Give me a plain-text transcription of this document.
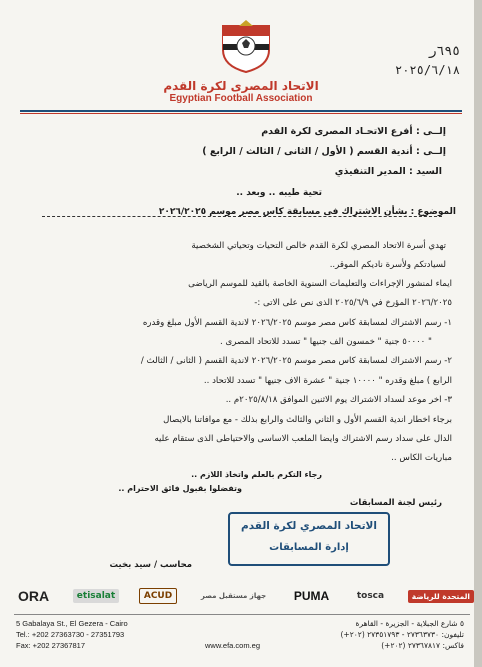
الاتحاد المصرى لكرة القدم
Egyptian Football Association
٦٩٥ر
٢٠٢٥/٦/١٨
إلــى : أفرع الاتحـاد المصرى لكرة القدم
إلــى : أندية القسم ( الأول / الثانى / الثالث / الرابع )
السيد : المدير التنفيذي
تحية طيبه .. وبعد ..
الموضوع : بشأن الاشتراك فى مسابقة كاس مصر موسم ٢٠٢٦/٢٠٢٥
تهدي أسرة الاتحاد المصري لكرة القدم خالص التحيات وتحياتي الشخصية
لسيادتكم ولأسرة ناديكم الموقر..
ايماء لمنشور الإجراءات والتعليمات السنوية الخاصة بالقيد للموسم الرياضى
٢٠٢٦/٢٠٢٥ المؤرخ في ٢٠٢٥/٦/٩ الذى نص على الاتى :-
١- رسم الاشتراك لمسابقة كاس مصر موسم ٢٠٢٦/٢٠٢٥ لاندية القسم الأول مبلغ وقدره
" ٥٠٠٠٠ جنية " خمسون الف جنيها " تسدد للاتحاد المصرى .
٢- رسم الاشتراك لمسابقة كاس مصر موسم ٢٠٢٦/٢٠٢٥ لاندية القسم ( الثانى / الثالث /
الرابع ) مبلغ وقدره " ١٠٠٠٠ جنية " عشرة الاف جنيها " تسدد للاتحاد ..
٣- اخر موعد لسداد الاشتراك يوم الاثنين الموافق ٢٠٢٥/٨/١٨م ..
برجاء اخطار اندية القسم الأول و الثاني والثالث والرابع بذلك - مع موافاتنا بالايصال
الدال على سداد رسم الاشتراك وايضا الملعب الاساسى والاحتياطى الذى ستقام عليه
مباريات الكاس ..
رجاء التكرم بالعلم واتخاذ اللازم ..
وتفضلوا بقبول فائق الاحترام ..
رئيس لجنة المسابقات
الاتحاد المصري لكرة القدم
إدارة المسابقات
محاسب / سيد بخيت
ORA	etisalat	ACUD	جهاز مستقبل مصر	PUMA	tosca	المتحدة للرياضة
5 Gabalaya St., El Gezera - Cairo
Tel.: +202 27363730 - 27351793
Fax: +202 27367817	www.efa.com.eg
٥ شارع الجبلاية - الجزيرة - القاهرة
تليفون: ٢٧٣٦٣٧٣٠ - ٢٧٣٥١٧٩٣ (٢٠٢+)
فاكس: ٢٧٣٦٧٨١٧ (٢٠٢+)
